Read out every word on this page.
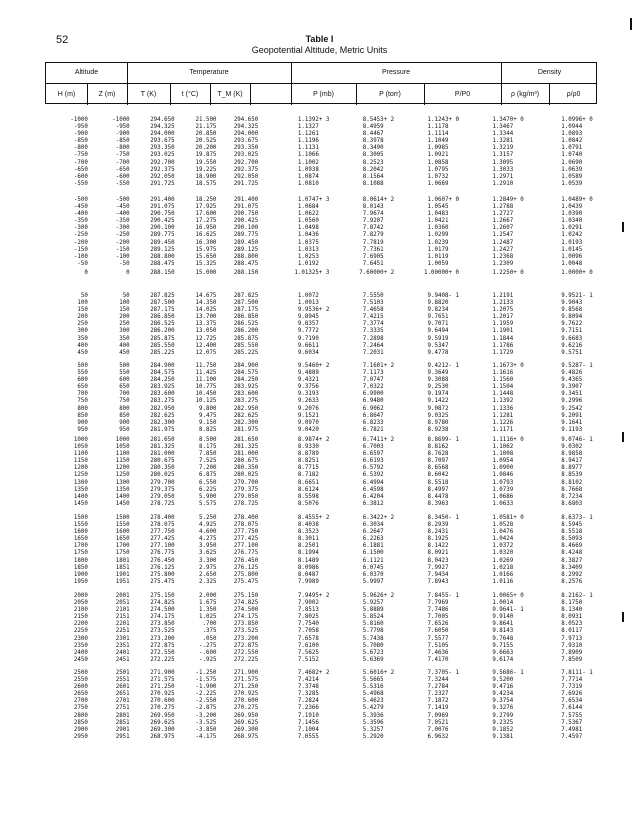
52	Table I
Geopotential Altitude, Metric Units
Altitude	Temperature	Pressure	Density
H (m)	Z (m)	T (K)	t (°C)	T_M (K)	P (mb)	P (torr)	P/P0	ρ (kg/m³)	ρ/ρ0
-1000	-1000	294.650	21.500	294.650	1.1392	+ 3	8.5453	+ 2	1.1243	+ 0	1.3470	+ 0	1.0996	+ 0
-950	-950	294.325	21.175	294.325	1.1327		8.4959		1.1178		1.3467		1.0944	
-900	-900	294.000	20.850	294.000	1.1261		8.4467		1.1114		1.3344		1.0893	
-850	-850	293.675	20.525	293.675	1.1196		8.3978		1.1049		1.3281		1.0842	
-800	-800	293.350	20.200	293.350	1.1131		8.3490		1.0985		1.3219		1.0791	
-750	-750	293.025	19.875	293.025	1.1066		8.3005		1.0921		1.3157		1.0740	
-700	-700	292.700	19.550	292.700	1.1002		8.2523		1.0858		1.3095		1.0690	
-650	-650	292.375	19.225	292.375	1.0938		8.2042		1.0795		1.3033		1.0639	
-600	-600	292.050	18.900	292.050	1.0874		8.1564		1.0732		1.2971		1.0589	
-550	-550	291.725	18.575	291.725	1.0810		8.1088		1.0669		1.2910		1.0539	
-500	-500	291.400	18.250	291.400	1.0747	+ 3	8.0614	+ 2	1.0607	+ 0	1.2849	+ 0	1.0489	+ 0
-450	-450	291.075	17.925	291.075	1.0684		8.0143		1.0545		1.2788		1.0439	
-400	-400	290.750	17.600	290.750	1.0622		7.9674		1.0483		1.2727		1.0390	
-350	-350	290.425	17.275	290.425	1.0560		7.9207		1.0421		1.2667		1.0340	
-300	-300	290.100	16.950	290.100	1.0498		7.8742		1.0360		1.2607		1.0291	
-250	-250	289.775	16.625	289.775	1.0436		7.8279		1.0299		1.2547		1.0242	
-200	-200	289.450	16.300	289.450	1.0375		7.7819		1.0239		1.2487		1.0193	
-150	-150	289.125	15.975	289.125	1.0313		7.7361		1.0179		1.2427		1.0145	
-100	-100	288.800	15.650	288.800	1.0253		7.6905		1.0119		1.2368		1.0096	
-50	-50	288.475	15.325	288.475	1.0192		7.6451		1.0059		1.2309		1.0048	
0	0	288.150	15.000	288.150	1.01325	+ 3	7.60000	+ 2	1.00000	+ 0	1.2250	+ 0	1.0000	+ 0
50	50	287.825	14.675	287.825	1.0072		7.5550		9.9408	- 1	1.2191		9.9521	- 1
100	100	287.500	14.350	287.500	1.0013		7.5103		9.8820		1.2133		9.9043	
150	150	287.175	14.025	287.175	9.9536	+ 2	7.4658		9.8234		1.2075		9.8568	
200	200	286.850	13.700	286.850	9.8945		7.4215		9.7651		1.2017		9.8094	
250	250	286.525	13.375	286.525	9.8357		7.3774		9.7071		1.1959		9.7622	
300	300	286.200	13.050	286.200	9.7772		7.3335		9.6494		1.1901		9.7151	
350	350	285.875	12.725	285.875	9.7190		7.2898		9.5919		1.1844		9.6683	
400	400	285.550	12.400	285.550	9.6611		7.2464		9.5347		1.1786		9.6216	
450	450	285.225	12.075	285.225	9.6034		7.2031		9.4778		1.1729		9.5751	
500	500	284.900	11.750	284.900	9.5460	+ 2	7.1601	+ 2	9.4212	- 1	1.1673	+ 0	9.5287	- 1
550	550	284.575	11.425	284.575	9.4889		7.1173		9.3649		1.1616		9.4826	
600	600	284.250	11.100	284.250	9.4321		7.0747		9.3088		1.1560		9.4365	
650	650	283.925	10.775	283.925	9.3756		7.0322		9.2530		1.1504		9.3907	
700	700	283.600	10.450	283.600	9.3193		6.9900		9.1974		1.1448		9.3451	
750	750	283.275	10.125	283.275	9.2633		6.9480		9.1422		1.1392		9.2996	
800	800	282.950	9.800	282.950	9.2076		6.9062		9.0872		1.1336		9.2542	
850	850	282.625	9.475	282.625	9.1521		6.8647		9.0325		1.1281		9.2091	
900	900	282.300	9.150	282.300	9.0970		6.8233		8.9780		1.1226		9.1641	
950	950	281.975	8.825	281.975	9.0420		6.7821		8.9238		1.1171		9.1193	
1000	1000	281.650	8.500	281.650	8.9874	+ 2	6.7411	+ 2	8.8699	- 1	1.1116	+ 0	9.0746	- 1
1050	1050	281.325	8.175	281.325	8.9330		6.7003		8.8162		1.1062		9.0302	
1100	1100	281.000	7.850	281.000	8.8789		6.6597		8.7628		1.1008		8.9858	
1150	1150	280.675	7.525	280.675	8.8251		6.6193		8.7097		1.0954		8.9417	
1200	1200	280.350	7.200	280.350	8.7715		6.5792		8.6568		1.0900		8.8977	
1250	1250	280.025	6.875	280.025	8.7182		6.5392		8.6042		1.0846		8.8539	
1300	1300	279.700	6.550	279.700	8.6651		6.4994		8.5518		1.0793		8.8102	
1350	1350	279.375	6.225	279.375	8.6124		6.4598		8.4997		1.0739		8.7668	
1400	1400	279.050	5.900	279.050	8.5598		6.4204		8.4478		1.0686		8.7234	
1450	1450	278.725	5.575	278.725	8.5076		6.3812		8.3963		1.0633		8.6803	
1500	1500	278.400	5.250	278.400	8.4555	+ 2	6.3422	+ 2	8.3450	- 1	1.0581	+ 0	8.6373	- 1
1550	1550	278.075	4.925	278.075	8.4038		6.3034		8.2939		1.0528		8.5945	
1600	1600	277.750	4.600	277.750	8.3523		6.2647		8.2431		1.0476		8.5518	
1650	1650	277.425	4.275	277.425	8.3011		6.2263		8.1925		1.0424		8.5093	
1700	1700	277.100	3.950	277.100	8.2501		6.1881		8.1422		1.0372		8.4669	
1750	1750	276.775	3.625	276.775	8.1994		6.1500		8.0921		1.0320		8.4248	
1800	1801	276.450	3.300	276.450	8.1489		6.1121		8.0423		1.0269		8.3827	
1850	1851	276.125	2.975	276.125	8.0986		6.0745		7.9927		1.0218		8.3409	
1900	1901	275.800	2.650	275.800	8.0487		6.0370		7.9434		1.0166		8.2992	
1950	1951	275.475	2.325	275.475	7.9989		5.9997		7.8943		1.0116		8.2576	
2000	2001	275.150	2.000	275.150	7.9495	+ 2	5.9626	+ 2	7.8455	- 1	1.0065	+ 0	8.2162	- 1
2050	2051	274.825	1.675	274.825	7.9002		5.9257		7.7969		1.0014		8.1750	
2100	2101	274.500	1.350	274.500	7.8513		5.8889		7.7486		9.9641	- 1	8.1340	
2150	2151	274.175	1.025	274.175	7.8025		5.8524		7.7005		9.9140		8.0931	
2200	2201	273.850	.700	273.850	7.7540		5.8160		7.6526		9.8641		8.0523	
2250	2251	273.525	.375	273.525	7.7058		5.7798		7.6050		9.8143		8.0117	
2300	2301	273.200	.050	273.200	7.6578		5.7438		7.5577		9.7648		7.9713	
2350	2351	272.875	-.275	272.875	7.6100		5.7080		7.5105		9.7155		7.9310	
2400	2401	272.550	-.600	272.550	7.5625		5.6723		7.4636		9.6663		7.8909	
2450	2451	272.225	-.925	272.225	7.5152		5.6369		7.4170		9.6174		7.8509	
2500	2501	271.900	-1.250	271.900	7.4682	+ 2	5.6016	+ 2	7.3705	- 1	9.5686	- 1	7.8111	- 1
2550	2551	271.575	-1.575	271.575	7.4214		5.5665		7.3244		9.5200		7.7714	
2600	2601	271.250	-1.900	271.250	7.3748		5.5316		7.2784		9.4716		7.7319	
2650	2651	270.925	-2.225	270.925	7.3285		5.4968		7.2327		9.4234		7.6926	
2700	2701	270.600	-2.550	270.600	7.2824		5.4623		7.1872		9.3754		7.6534	
2750	2751	270.275	-2.875	270.275	7.2366		5.4279		7.1419		9.3276		7.6144	
2800	2801	269.950	-3.200	269.950	7.1910		5.3936		7.0969		9.2799		7.5755	
2850	2851	269.625	-3.525	269.625	7.1456		5.3596		7.0521		9.2325		7.5367	
2900	2901	269.300	-3.850	269.300	7.1004		5.3257		7.0076		9.1852		7.4981	
2950	2951	268.975	-4.175	268.975	7.0555		5.2920		6.9632		9.1381		7.4597	
